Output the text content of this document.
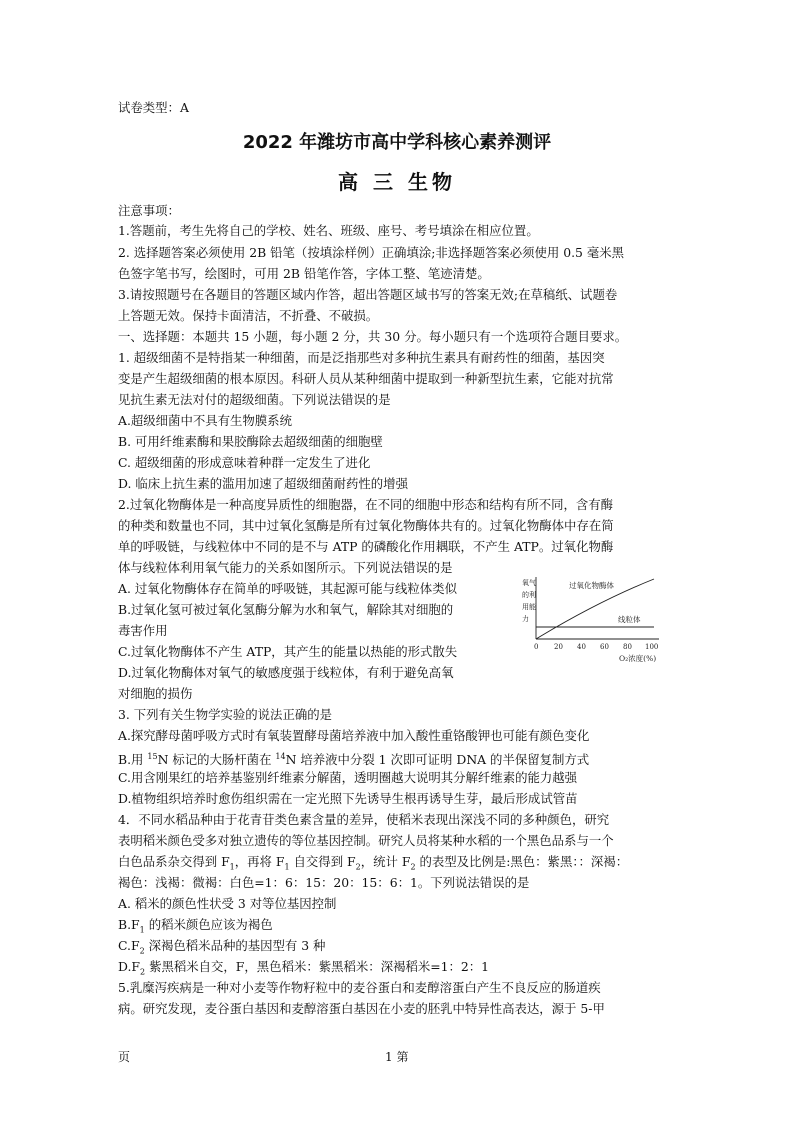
试卷类型：A
2022 年潍坊市高中学科核心素养测评
高 三 生物
注意事项：
1.答题前，考生先将自己的学校、姓名、班级、座号、考号填涂在相应位置。
2. 选择题答案必须使用 2B 铅笔（按填涂样例）正确填涂;非选择题答案必须使用 0.5 毫米黑
色签字笔书写，绘图时，可用 2B 铅笔作答，字体工整、笔迹清楚。
3.请按照题号在各题目的答题区域内作答，超出答题区域书写的答案无效;在草稿纸、试题卷
上答题无效。保持卡面清洁，不折叠、不破损。
一、选择题：本题共 15 小题，每小题 2 分，共 30 分。每小题只有一个选项符合题目要求。
1. 超级细菌不是特指某一种细菌，而是泛指那些对多种抗生素具有耐药性的细菌，基因突
变是产生超级细菌的根本原因。科研人员从某种细菌中提取到一种新型抗生素，它能对抗常
见抗生素无法对付的超级细菌。下列说法错误的是
A.超级细菌中不具有生物膜系统
B. 可用纤维素酶和果胶酶除去超级细菌的细胞壁
C. 超级细菌的形成意味着种群一定发生了进化
D. 临床上抗生素的滥用加速了超级细菌耐药性的增强
2.过氧化物酶体是一种高度异质性的细胞器，在不同的细胞中形态和结构有所不同，含有酶
的种类和数量也不同，其中过氧化氢酶是所有过氧化物酶体共有的。过氧化物酶体中存在简
单的呼吸链，与线粒体中不同的是不与 ATP 的磷酸化作用耦联，不产生 ATP。过氧化物酶
体与线粒体利用氧气能力的关系如图所示。下列说法错误的是
A. 过氧化物酶体存在简单的呼吸链，其起源可能与线粒体类似
B.过氧化氢可被过氧化氢酶分解为水和氧气，解除其对细胞的
毒害作用
C.过氧化物酶体不产生 ATP，其产生的能量以热能的形式散失
D.过氧化物酶体对氧气的敏感度强于线粒体，有利于避免高氧
对细胞的损伤
氧气
的利
用能
力
过氧化物酶体
线粒体
0 20 40 60 80 100
O₂浓度(%)
3. 下列有关生物学实验的说法正确的是
A.探究酵母菌呼吸方式时有氧装置酵母菌培养液中加入酸性重铬酸钾也可能有颜色变化
B.用 $^{15}$N 标记的大肠杆菌在 $^{14}$N 培养液中分裂 1 次即可证明 DNA 的半保留复制方式
C.用含刚果红的培养基鉴别纤维素分解菌，透明圈越大说明其分解纤维素的能力越强
D.植物组织培养时愈伤组织需在一定光照下先诱导生根再诱导生芽，最后形成试管苗
4．不同水稻品种由于花青苷类色素含量的差异，使稻米表现出深浅不同的多种颜色，研究
表明稻米颜色受多对独立遗传的等位基因控制。研究人员将某种水稻的一个黑色品系与一个
白色品系杂交得到 $F_1$，再将 $F_1$ 自交得到 $F_2$，统计 $F_2$ 的表型及比例是:黑色：紫黑：：深褐：
褐色：浅褐：微褐：白色=1：6：15：20：15：6：1。下列说法错误的是
A. 稻米的颜色性状受 3 对等位基因控制
$B.F_1$ 的稻米颜色应该为褐色
$C.F_2$ 深褐色稻米品种的基因型有 3 种
$D.F_2$ 紫黑稻米自交，F，黑色稻米：紫黑稻米：深褐稻米=1：2：1
5.乳糜泻疾病是一种对小麦等作物籽粒中的麦谷蛋白和麦醇溶蛋白产生不良反应的肠道疾
病。研究发现，麦谷蛋白基因和麦醇溶蛋白基因在小麦的胚乳中特异性高表达，源于 5-甲
页	1 第
